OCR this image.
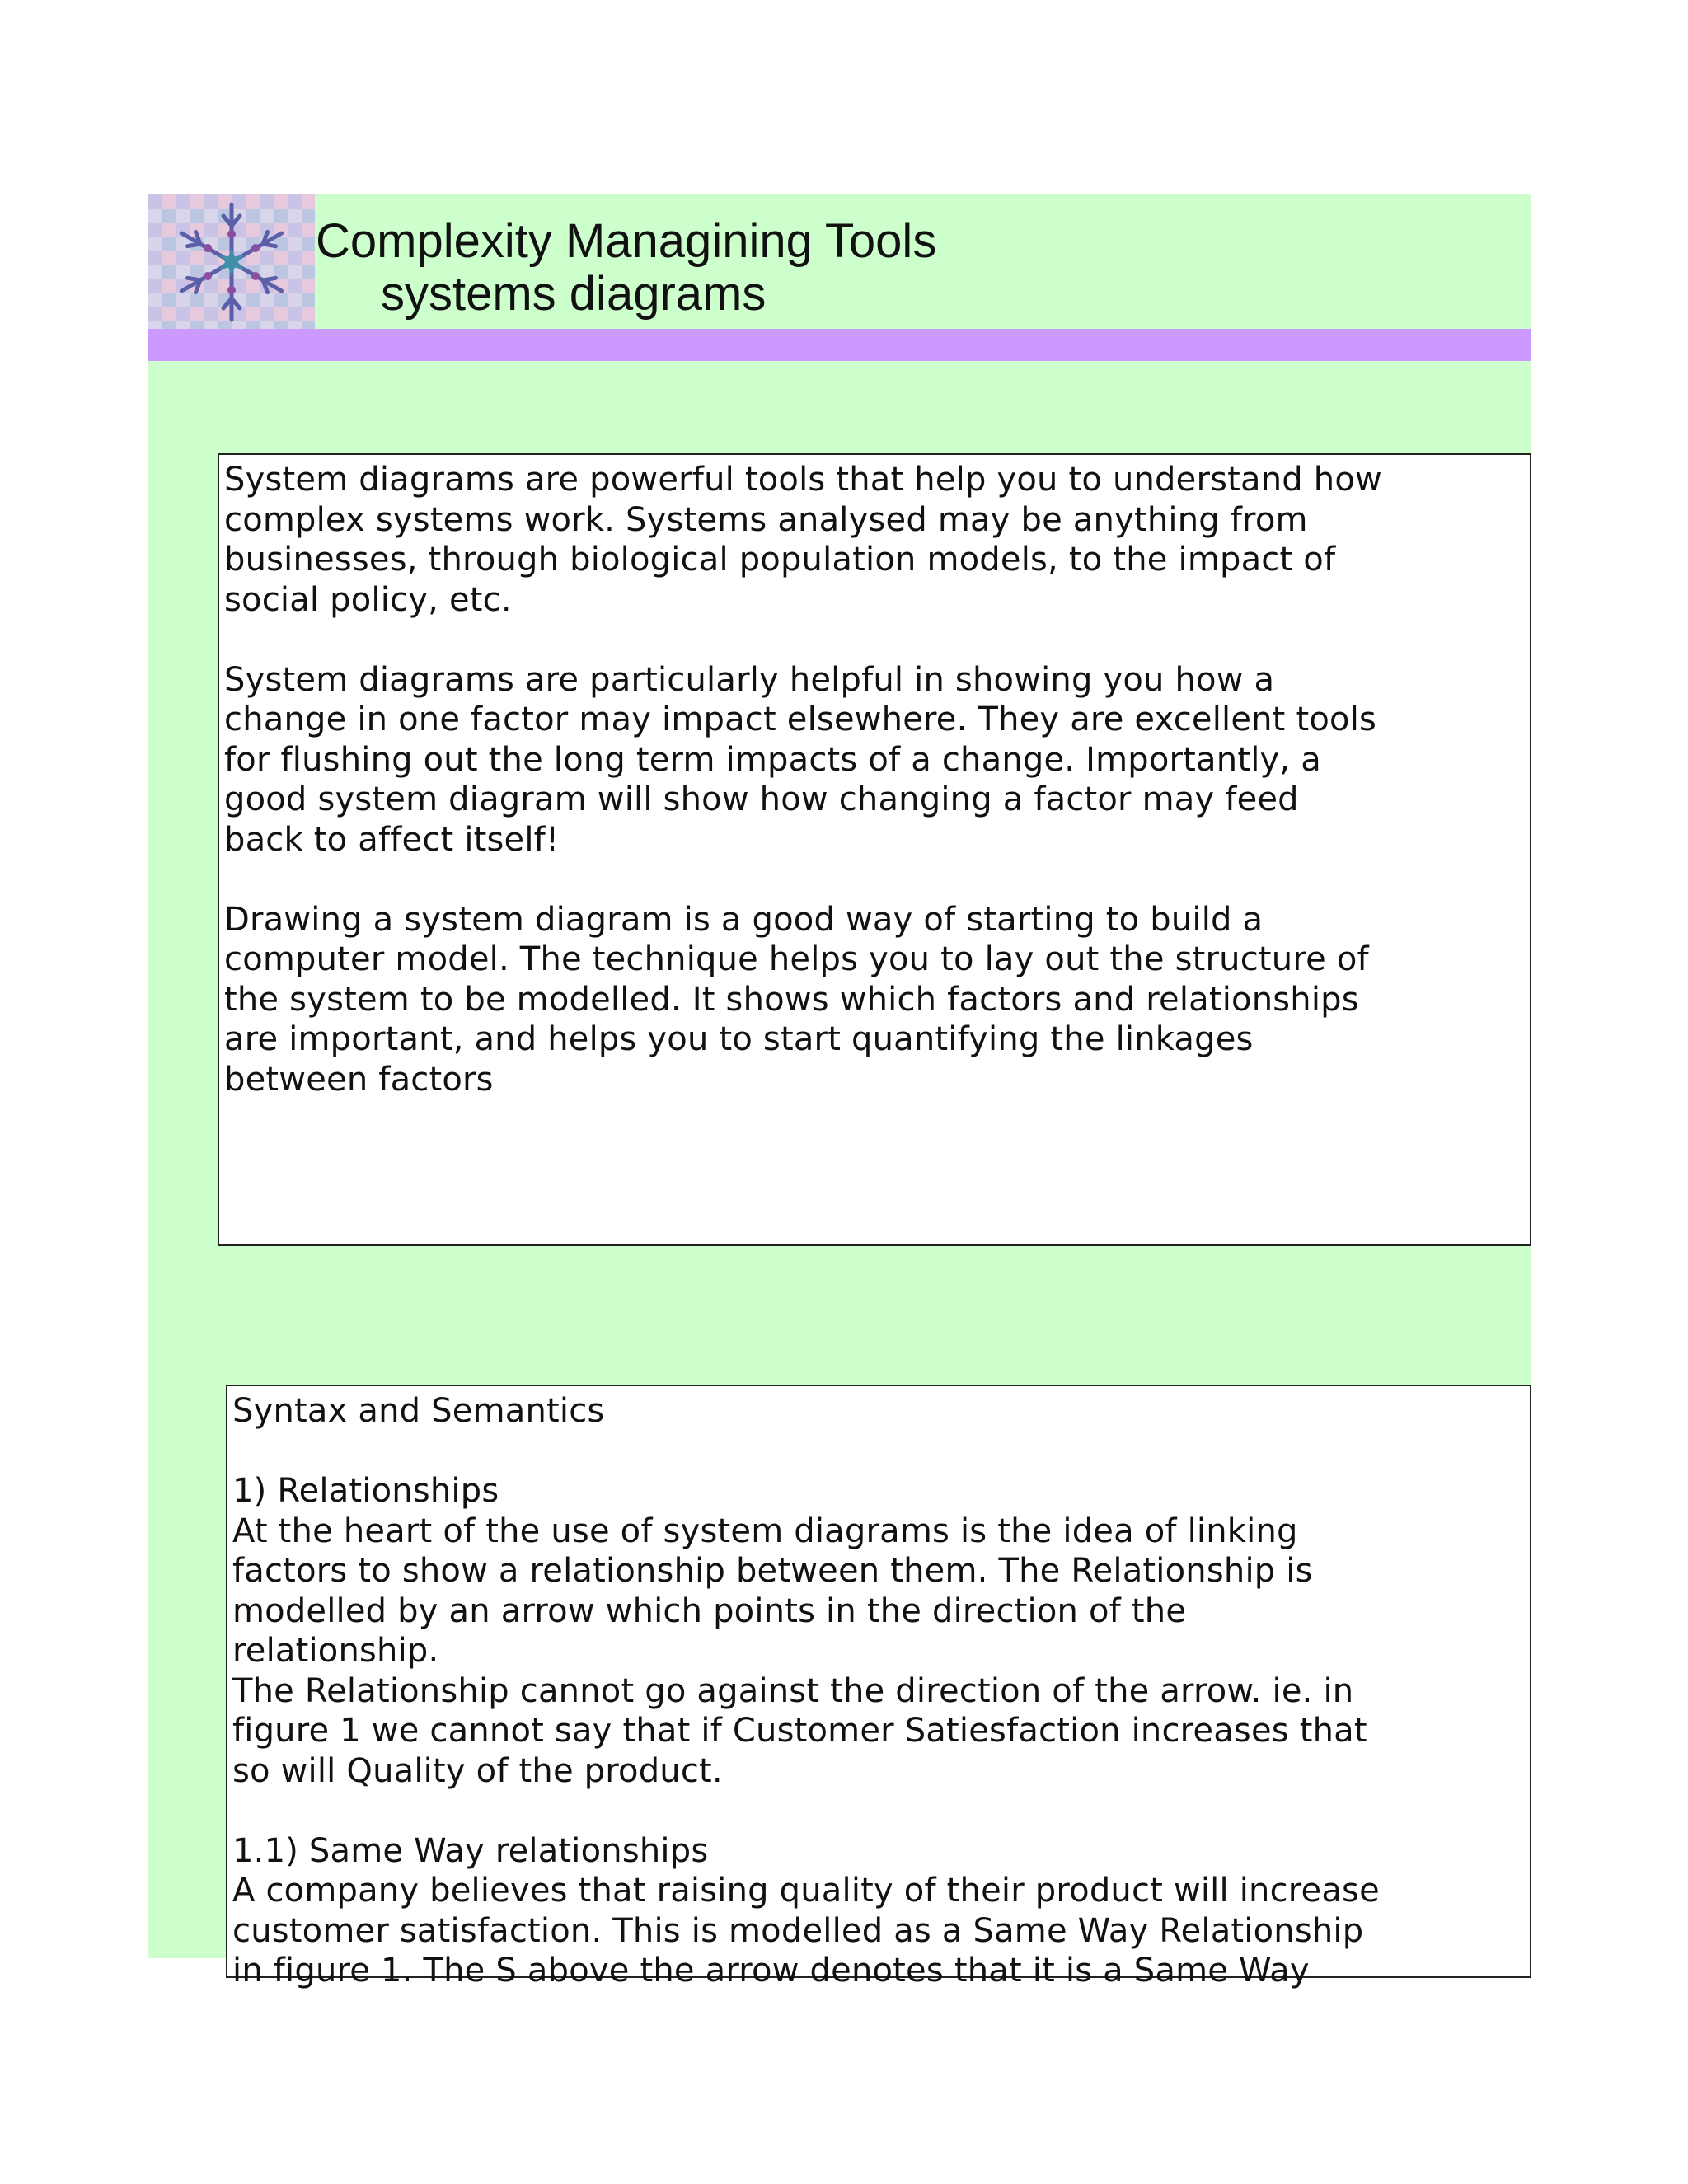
Complexity Managining Tools
systems diagrams

System diagrams are powerful tools that help you to understand how
complex systems work. Systems analysed may be anything from
businesses, through biological population models, to the impact of
social policy, etc.

System diagrams are particularly helpful in showing you how a
change in one factor may impact elsewhere. They are excellent tools
for flushing out the long term impacts of a change. Importantly, a
good system diagram will show how changing a factor may feed
back to affect itself!

Drawing a system diagram is a good way of starting to build a
computer model. The technique helps you to lay out the structure of
the system to be modelled. It shows which factors and relationships
are important, and helps you to start quantifying the linkages
between factors

Syntax and Semantics

1) Relationships
At the heart of the use of system diagrams is the idea of linking
factors to show a relationship between them. The Relationship is
modelled by an arrow which points in the direction of the
relationship.
The Relationship cannot go against the direction of the arrow. ie. in
figure 1 we cannot say that if Customer Satiesfaction increases that
so will Quality of the product.

1.1) Same Way relationships
A company believes that raising quality of their product will increase
customer satisfaction. This is modelled as a Same Way Relationship
in figure 1. The S above the arrow denotes that it is a Same Way
